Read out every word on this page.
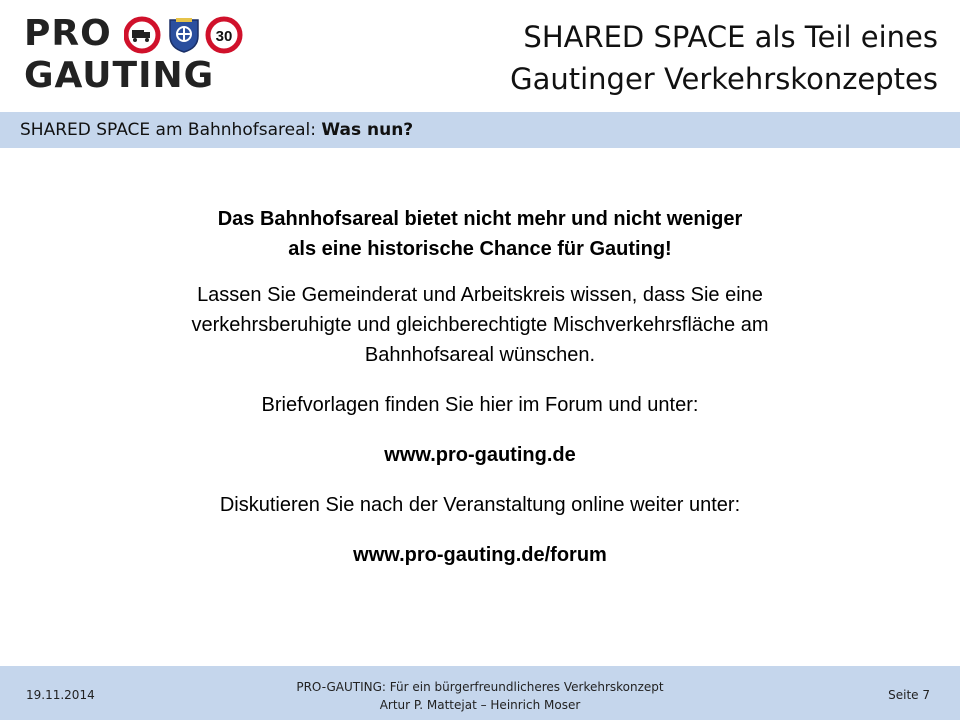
PRO	30
GAUTING
SHARED SPACE als Teil eines
Gautinger Verkehrskonzeptes
SHARED SPACE am Bahnhofsareal: Was nun?

Das Bahnhofsareal bietet nicht mehr und nicht weniger

als eine historische Chance für Gauting!

Lassen Sie Gemeinderat und Arbeitskreis wissen, dass Sie eine

verkehrsberuhigte und gleichberechtigte Mischverkehrsfläche am

Bahnhofsareal wünschen.

Briefvorlagen finden Sie hier im Forum und unter:

www.pro-gauting.de

Diskutieren Sie nach der Veranstaltung online weiter unter:

www.pro-gauting.de/forum

19.11.2014
PRO-GAUTING: Für ein bürgerfreundlicheres Verkehrskonzept
Artur P. Mattejat – Heinrich Moser
Seite 7
